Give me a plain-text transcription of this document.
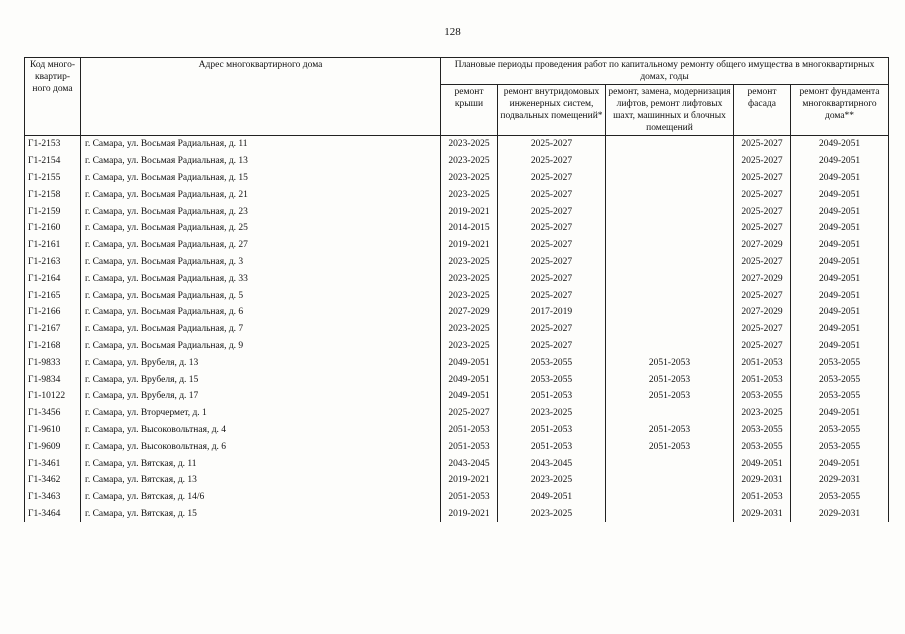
128
Код много-квартир-ного дома	Адрес многоквартирного дома	Плановые периоды проведения работ по капитальному ремонту общего имущества в многоквартирных домах, годы				
		ремонт крыши	ремонт внутридомовых инженерных систем, подвальных помещений*	ремонт, замена, модернизация лифтов, ремонт лифтовых шахт, машинных и блочных помещений	ремонт фасада	ремонт фундамента многоквартирного дома**
Г1-2153	г. Самара, ул. Восьмая Радиальная, д. 11	2023-2025	2025-2027		2025-2027	2049-2051
Г1-2154	г. Самара, ул. Восьмая Радиальная, д. 13	2023-2025	2025-2027		2025-2027	2049-2051
Г1-2155	г. Самара, ул. Восьмая Радиальная, д. 15	2023-2025	2025-2027		2025-2027	2049-2051
Г1-2158	г. Самара, ул. Восьмая Радиальная, д. 21	2023-2025	2025-2027		2025-2027	2049-2051
Г1-2159	г. Самара, ул. Восьмая Радиальная, д. 23	2019-2021	2025-2027		2025-2027	2049-2051
Г1-2160	г. Самара, ул. Восьмая Радиальная, д. 25	2014-2015	2025-2027		2025-2027	2049-2051
Г1-2161	г. Самара, ул. Восьмая Радиальная, д. 27	2019-2021	2025-2027		2027-2029	2049-2051
Г1-2163	г. Самара, ул. Восьмая Радиальная, д. 3	2023-2025	2025-2027		2025-2027	2049-2051
Г1-2164	г. Самара, ул. Восьмая Радиальная, д. 33	2023-2025	2025-2027		2027-2029	2049-2051
Г1-2165	г. Самара, ул. Восьмая Радиальная, д. 5	2023-2025	2025-2027		2025-2027	2049-2051
Г1-2166	г. Самара, ул. Восьмая Радиальная, д. 6	2027-2029	2017-2019		2027-2029	2049-2051
Г1-2167	г. Самара, ул. Восьмая Радиальная, д. 7	2023-2025	2025-2027		2025-2027	2049-2051
Г1-2168	г. Самара, ул. Восьмая Радиальная, д. 9	2023-2025	2025-2027		2025-2027	2049-2051
Г1-9833	г. Самара, ул. Врубеля, д. 13	2049-2051	2053-2055	2051-2053	2051-2053	2053-2055
Г1-9834	г. Самара, ул. Врубеля, д. 15	2049-2051	2053-2055	2051-2053	2051-2053	2053-2055
Г1-10122	г. Самара, ул. Врубеля, д. 17	2049-2051	2051-2053	2051-2053	2053-2055	2053-2055
Г1-3456	г. Самара, ул. Вторчермет, д. 1	2025-2027	2023-2025		2023-2025	2049-2051
Г1-9610	г. Самара, ул. Высоковольтная, д. 4	2051-2053	2051-2053	2051-2053	2053-2055	2053-2055
Г1-9609	г. Самара, ул. Высоковольтная, д. 6	2051-2053	2051-2053	2051-2053	2053-2055	2053-2055
Г1-3461	г. Самара, ул. Вятская, д. 11	2043-2045	2043-2045		2049-2051	2049-2051
Г1-3462	г. Самара, ул. Вятская, д. 13	2019-2021	2023-2025		2029-2031	2029-2031
Г1-3463	г. Самара, ул. Вятская, д. 14/6	2051-2053	2049-2051		2051-2053	2053-2055
Г1-3464	г. Самара, ул. Вятская, д. 15	2019-2021	2023-2025		2029-2031	2029-2031
